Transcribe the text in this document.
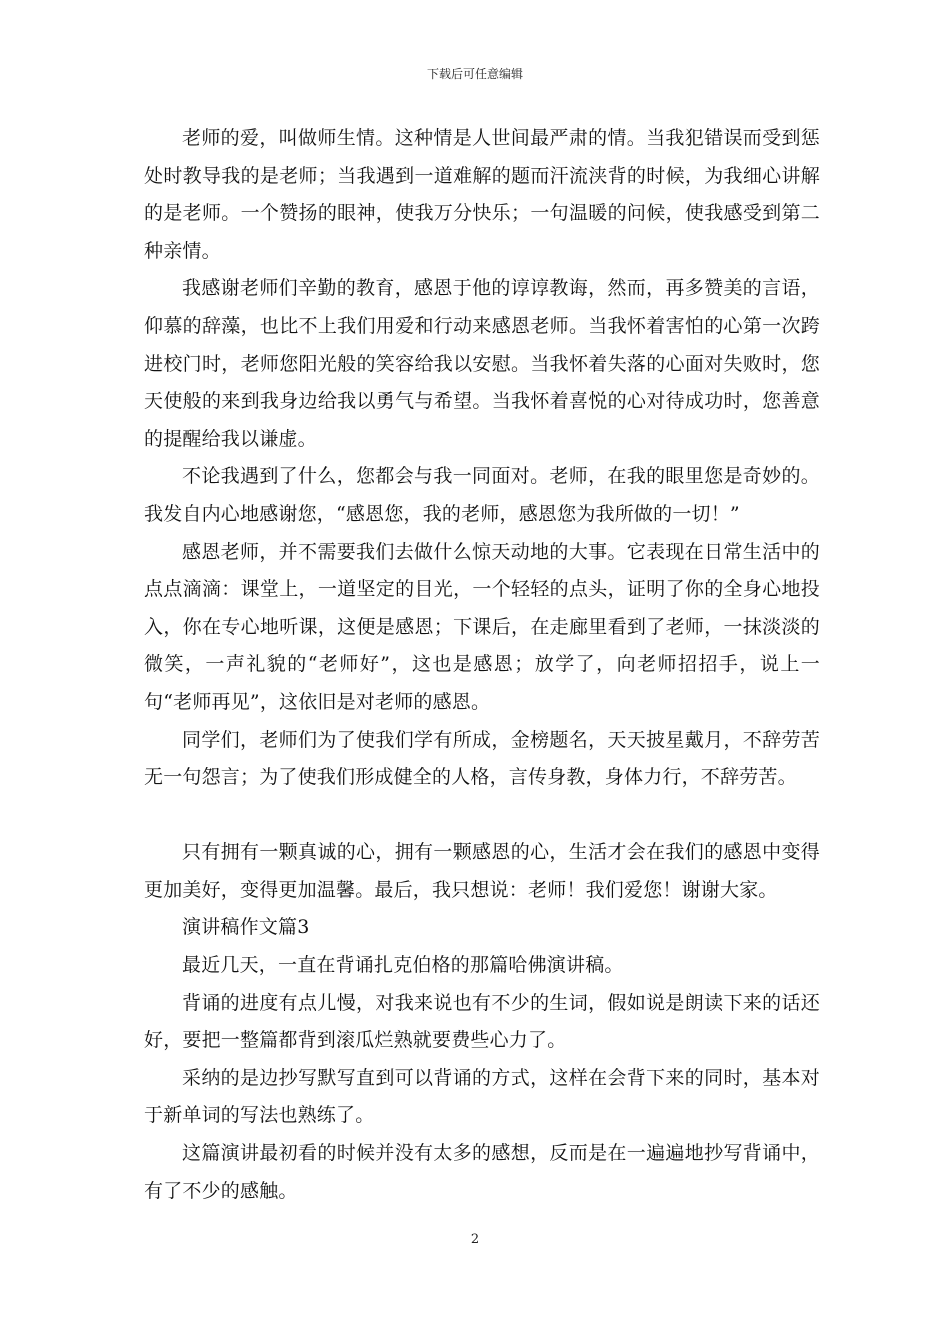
下载后可任意编辑

老师的爱，叫做师生情。这种情是人世间最严肃的情。当我犯错误而受到惩处时教导我的是老师；当我遇到一道难解的题而汗流浃背的时候，为我细心讲解的是老师。一个赞扬的眼神，使我万分快乐；一句温暖的问候，使我感受到第二种亲情。

我感谢老师们辛勤的教育，感恩于他的谆谆教诲，然而，再多赞美的言语，仰慕的辞藻，也比不上我们用爱和行动来感恩老师。当我怀着害怕的心第一次跨进校门时，老师您阳光般的笑容给我以安慰。当我怀着失落的心面对失败时，您天使般的来到我身边给我以勇气与希望。当我怀着喜悦的心对待成功时，您善意的提醒给我以谦虚。

不论我遇到了什么，您都会与我一同面对。老师，在我的眼里您是奇妙的。我发自内心地感谢您，“感恩您，我的老师，感恩您为我所做的一切！”

感恩老师，并不需要我们去做什么惊天动地的大事。它表现在日常生活中的点点滴滴：课堂上，一道坚定的目光，一个轻轻的点头，证明了你的全身心地投入，你在专心地听课，这便是感恩；下课后，在走廊里看到了老师，一抹淡淡的微笑，一声礼貌的“老师好”，这也是感恩；放学了，向老师招招手，说上一句“老师再见”，这依旧是对老师的感恩。

同学们，老师们为了使我们学有所成，金榜题名，天天披星戴月，不辞劳苦无一句怨言；为了使我们形成健全的人格，言传身教，身体力行，不辞劳苦。

只有拥有一颗真诚的心，拥有一颗感恩的心，生活才会在我们的感恩中变得更加美好，变得更加温馨。最后，我只想说：老师！我们爱您！谢谢大家。

演讲稿作文篇3

最近几天，一直在背诵扎克伯格的那篇哈佛演讲稿。

背诵的进度有点儿慢，对我来说也有不少的生词，假如说是朗读下来的话还好，要把一整篇都背到滚瓜烂熟就要费些心力了。

采纳的是边抄写默写直到可以背诵的方式，这样在会背下来的同时，基本对于新单词的写法也熟练了。

这篇演讲最初看的时候并没有太多的感想，反而是在一遍遍地抄写背诵中，有了不少的感触。

2
